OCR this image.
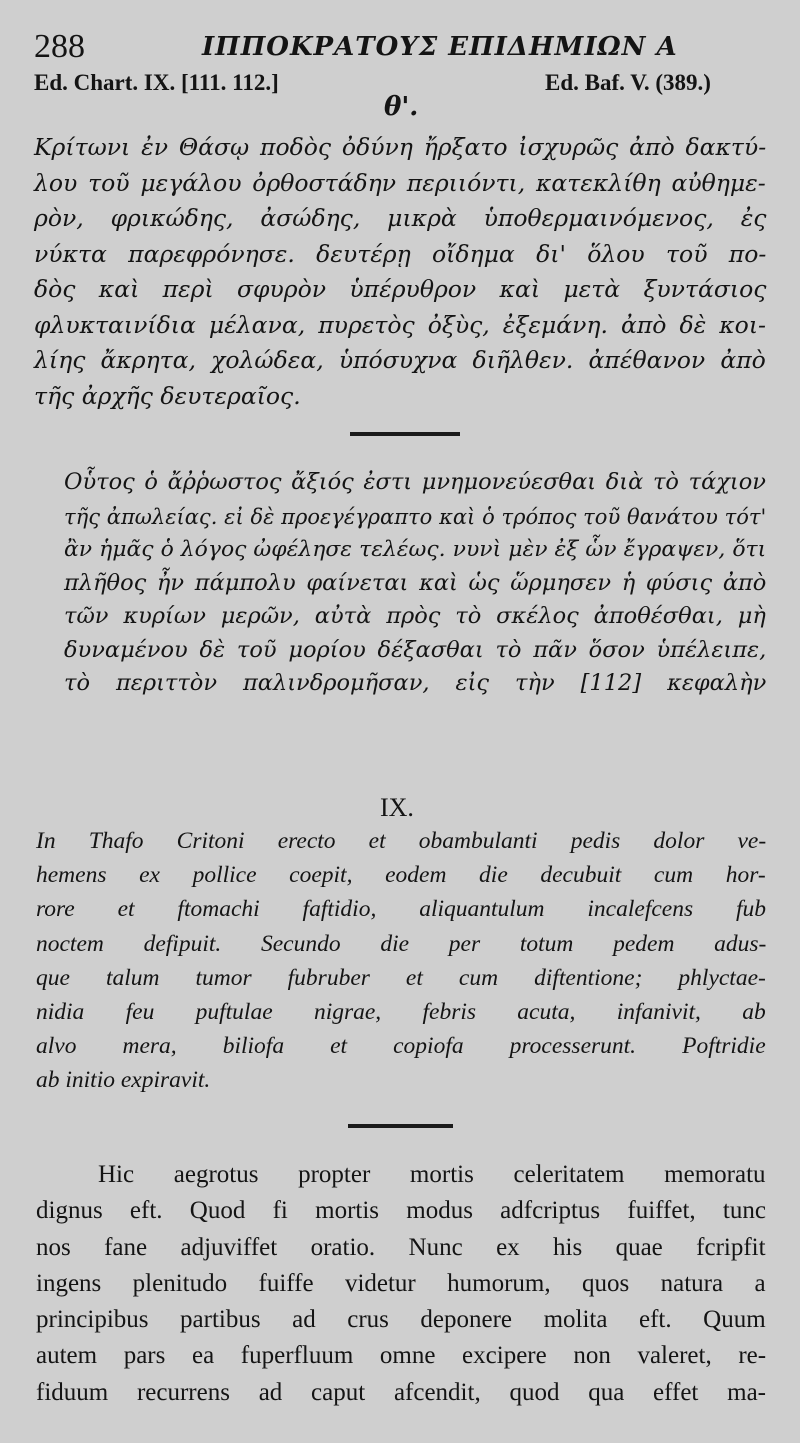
288	ΙΠΠΟΚΡΑΤΟΥΣ ΕΠΙΔΗΜΙΩΝ Α
Ed. Chart. IX. [111. 112.]	Ed. Baf. V. (389.)
θ'.
Κρίτωνι ἐν Θάσῳ ποδὸς ὀδύνη ἤρξατο ἰσχυρῶς ἀπὸ δακτύ-
λου τοῦ μεγάλου ὀρθοστάδην περιιόντι, κατεκλίθη αὐθημε-
ρὸν, φρικώδης, ἀσώδης, μικρὰ ὑποθερμαινόμενος, ἐς
νύκτα παρεφρόνησε. δευτέρῃ οἴδημα δι' ὅλου τοῦ πο-
δὸς καὶ περὶ σφυρὸν ὑπέρυθρον καὶ μετὰ ξυντάσιος
φλυκταινίδια μέλανα, πυρετὸς ὀξὺς, ἐξεμάνη. ἀπὸ δὲ κοι-
λίης ἄκρητα, χολώδεα, ὑπόσυχνα διῆλθεν. ἀπέθανον ἀπὸ
τῆς ἀρχῆς δευτεραῖος.
Οὗτος ὁ ἄῤῥωστος ἄξιός ἐστι μνημονεύεσθαι διὰ τὸ τάχιον
τῆς ἀπωλείας. εἰ δὲ προεγέγραπτο καὶ ὁ τρόπος τοῦ θανάτου τότ'
ἂν ἡμᾶς ὁ λόγος ὠφέλησε τελέως. νυνὶ μὲν ἐξ ὧν ἔγραψεν, ὅτι
πλῆθος ἦν πάμπολυ φαίνεται καὶ ὡς ὥρμησεν ἡ φύσις ἀπὸ
τῶν κυρίων μερῶν, αὐτὰ πρὸς τὸ σκέλος ἀποθέσθαι, μὴ
δυναμένου δὲ τοῦ μορίου δέξασθαι τὸ πᾶν ὅσον ὑπέλειπε,
τὸ περιττὸν παλινδρομῆσαν, εἰς τὴν [112] κεφαλὴν
IX.
In Thafo Critoni erecto et obambulanti pedis dolor ve-
hemens ex pollice coepit, eodem die decubuit cum hor-
rore et ftomachi faftidio, aliquantulum incalefcens fub
noctem defipuit. Secundo die per totum pedem adus-
que talum tumor fubruber et cum diftentione; phlyctae-
nidia feu puftulae nigrae, febris acuta, infanivit, ab
alvo mera, biliofa et copiofa processerunt. Poftridie
ab initio expiravit.
Hic aegrotus propter mortis celeritatem memoratu
dignus eft. Quod fi mortis modus adfcriptus fuiffet, tunc
nos fane adjuviffet oratio. Nunc ex his quae fcripfit
ingens plenitudo fuiffe videtur humorum, quos natura a
principibus partibus ad crus deponere molita eft. Quum
autem pars ea fuperfluum omne excipere non valeret, re-
fiduum recurrens ad caput afcendit, quod qua effet ma-
